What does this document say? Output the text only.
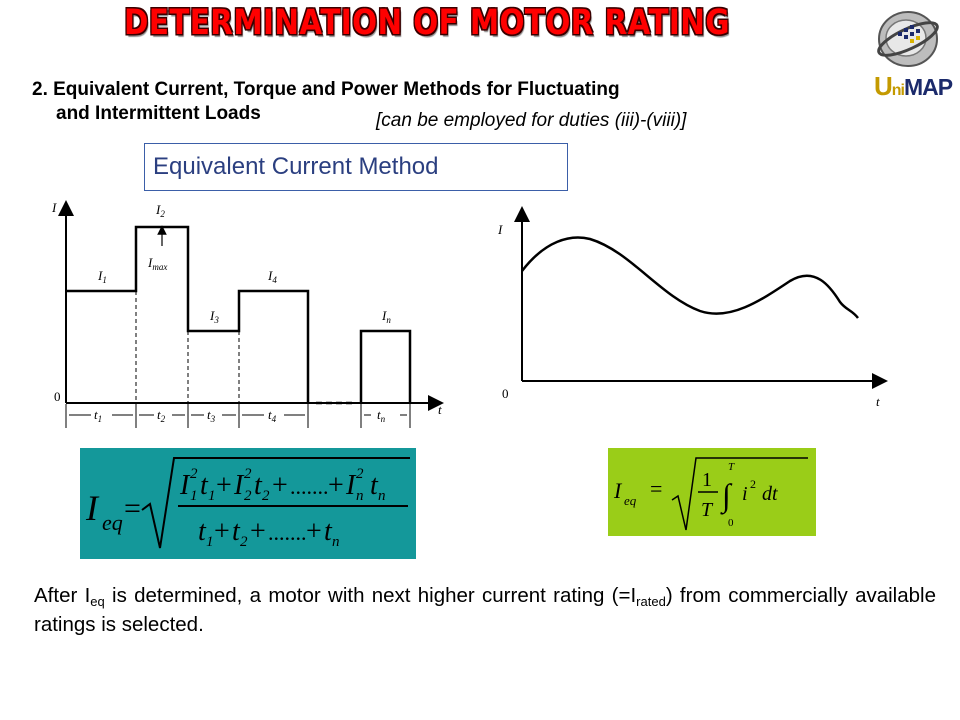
DETERMINATION OF MOTOR RATING
UniMAP
2. Equivalent Current, Torque and Power Methods for Fluctuating
and Intermittent Loads	[can be employed for duties (iii)-(viii)]
Equivalent Current Method
I
0
t
$I_1$
$I_2$
$I_{max}$
$I_3$
$I_4$
$I_n$
$t_1$	$t_2$	$t_3$	$t_4$	$t_n$
I
0
t
I eq =
I 1
2 t 1 + I 2
2 t 2 + ....... + I n
2 t n
t 1 + t 2 + ....... + t n
I eq = 1
T ∫
T
0
i 2 dt
After $I_{eq}$ is determined, a motor with next higher current rating $(=I_{rated})$ from commercially available ratings is selected.
